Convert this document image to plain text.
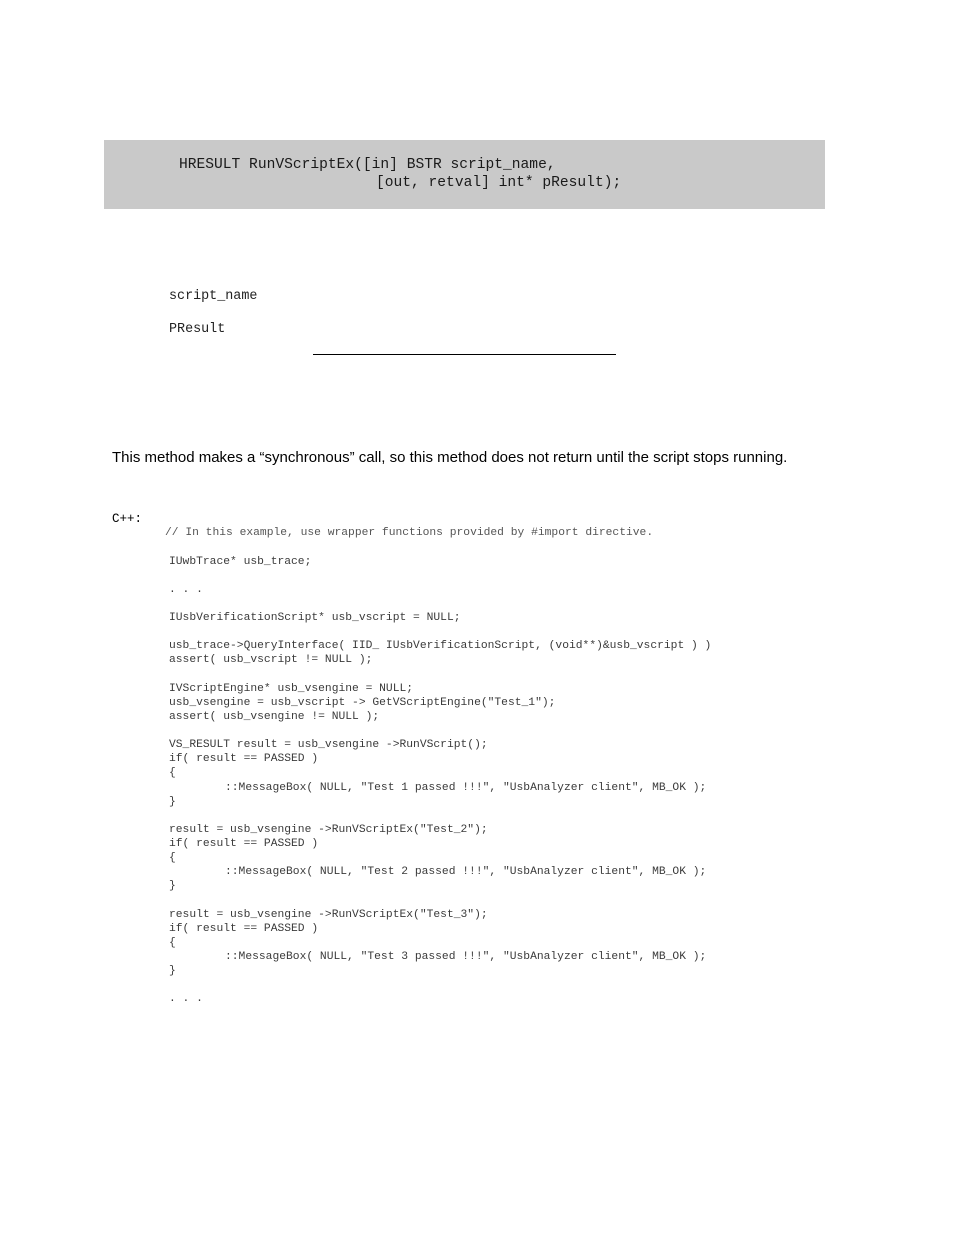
HRESULT RunVScriptEx([in] BSTR script_name,
[out, retval] int* pResult);
script_name
PResult
This method makes a “synchronous” call, so this method does not return until the script stops running.
C++:
// In this example, use wrapper functions provided by #import directive.
IUwbTrace* usb_trace;
. . .
IUsbVerificationScript* usb_vscript = NULL;
usb_trace->QueryInterface( IID_ IUsbVerificationScript, (void**)&usb_vscript ) )
assert( usb_vscript != NULL );
IVScriptEngine* usb_vsengine = NULL;
usb_vsengine = usb_vscript -> GetVScriptEngine("Test_1");
assert( usb_vsengine != NULL );
VS_RESULT result = usb_vsengine ->RunVScript();
if( result == PASSED )
{
::MessageBox( NULL, "Test 1 passed !!!", "UsbAnalyzer client", MB_OK );
}
result = usb_vsengine ->RunVScriptEx("Test_2");
if( result == PASSED )
{
::MessageBox( NULL, "Test 2 passed !!!", "UsbAnalyzer client", MB_OK );
}
result = usb_vsengine ->RunVScriptEx("Test_3");
if( result == PASSED )
{
::MessageBox( NULL, "Test 3 passed !!!", "UsbAnalyzer client", MB_OK );
}
. . .
